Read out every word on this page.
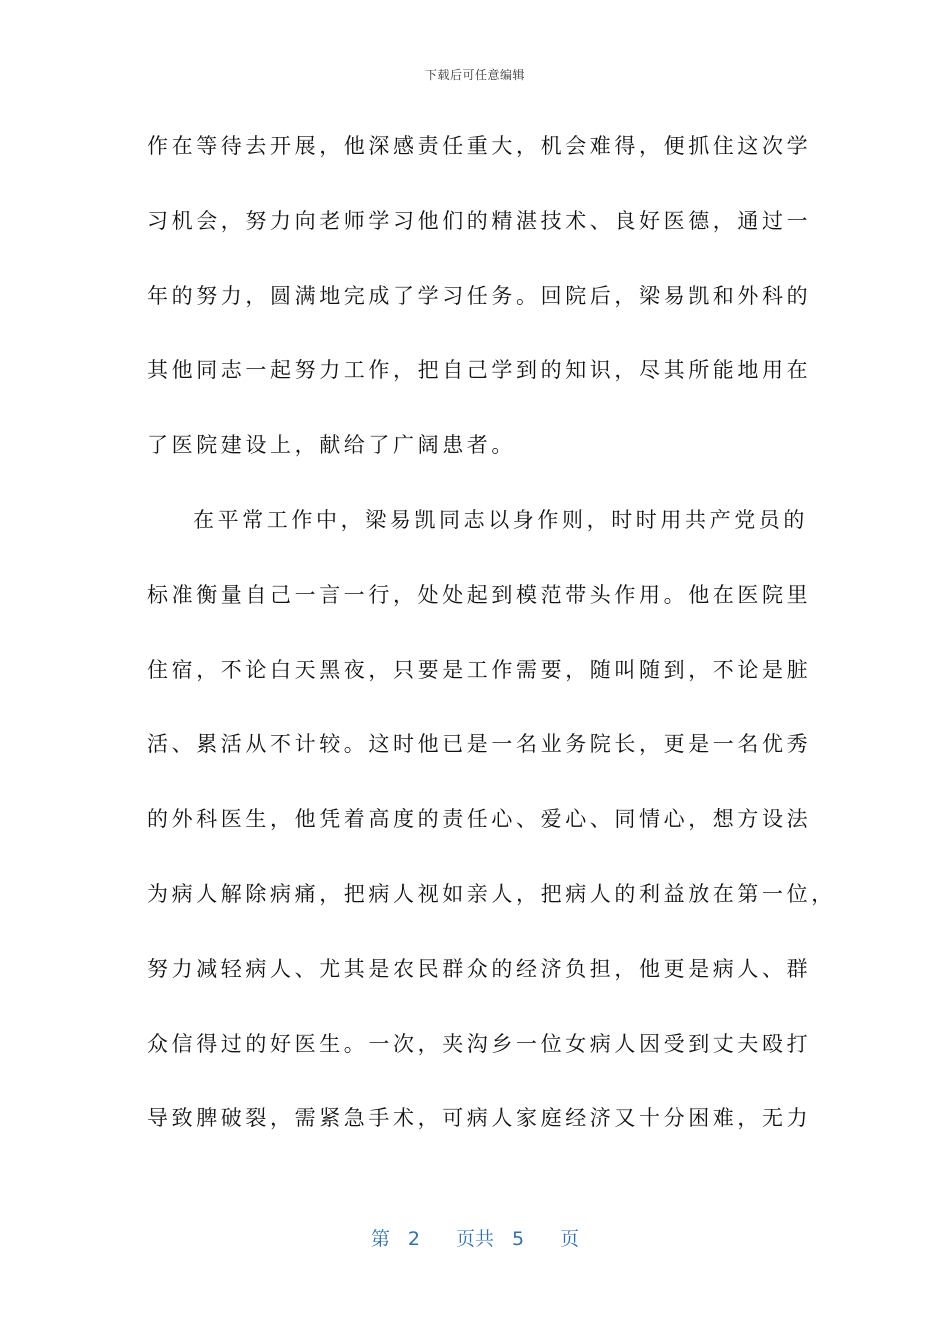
下载后可任意编辑
作在等待去开展，他深感责任重大，机会难得，便抓住这次学
习机会，努力向老师学习他们的精湛技术、良好医德，通过一
年的努力，圆满地完成了学习任务。回院后，梁易凯和外科的
其他同志一起努力工作，把自己学到的知识，尽其所能地用在
了医院建设上，献给了广阔患者。
在平常工作中，梁易凯同志以身作则，时时用共产党员的
标准衡量自己一言一行，处处起到模范带头作用。他在医院里
住宿，不论白天黑夜，只要是工作需要，随叫随到，不论是脏
活、累活从不计较。这时他已是一名业务院长，更是一名优秀
的外科医生，他凭着高度的责任心、爱心、同情心，想方设法
为病人解除病痛，把病人视如亲人，把病人的利益放在第一位，
努力减轻病人、尤其是农民群众的经济负担，他更是病人、群
众信得过的好医生。一次，夹沟乡一位女病人因受到丈夫殴打
导致脾破裂，需紧急手术，可病人家庭经济又十分困难，无力
第 2 页共 5 页
